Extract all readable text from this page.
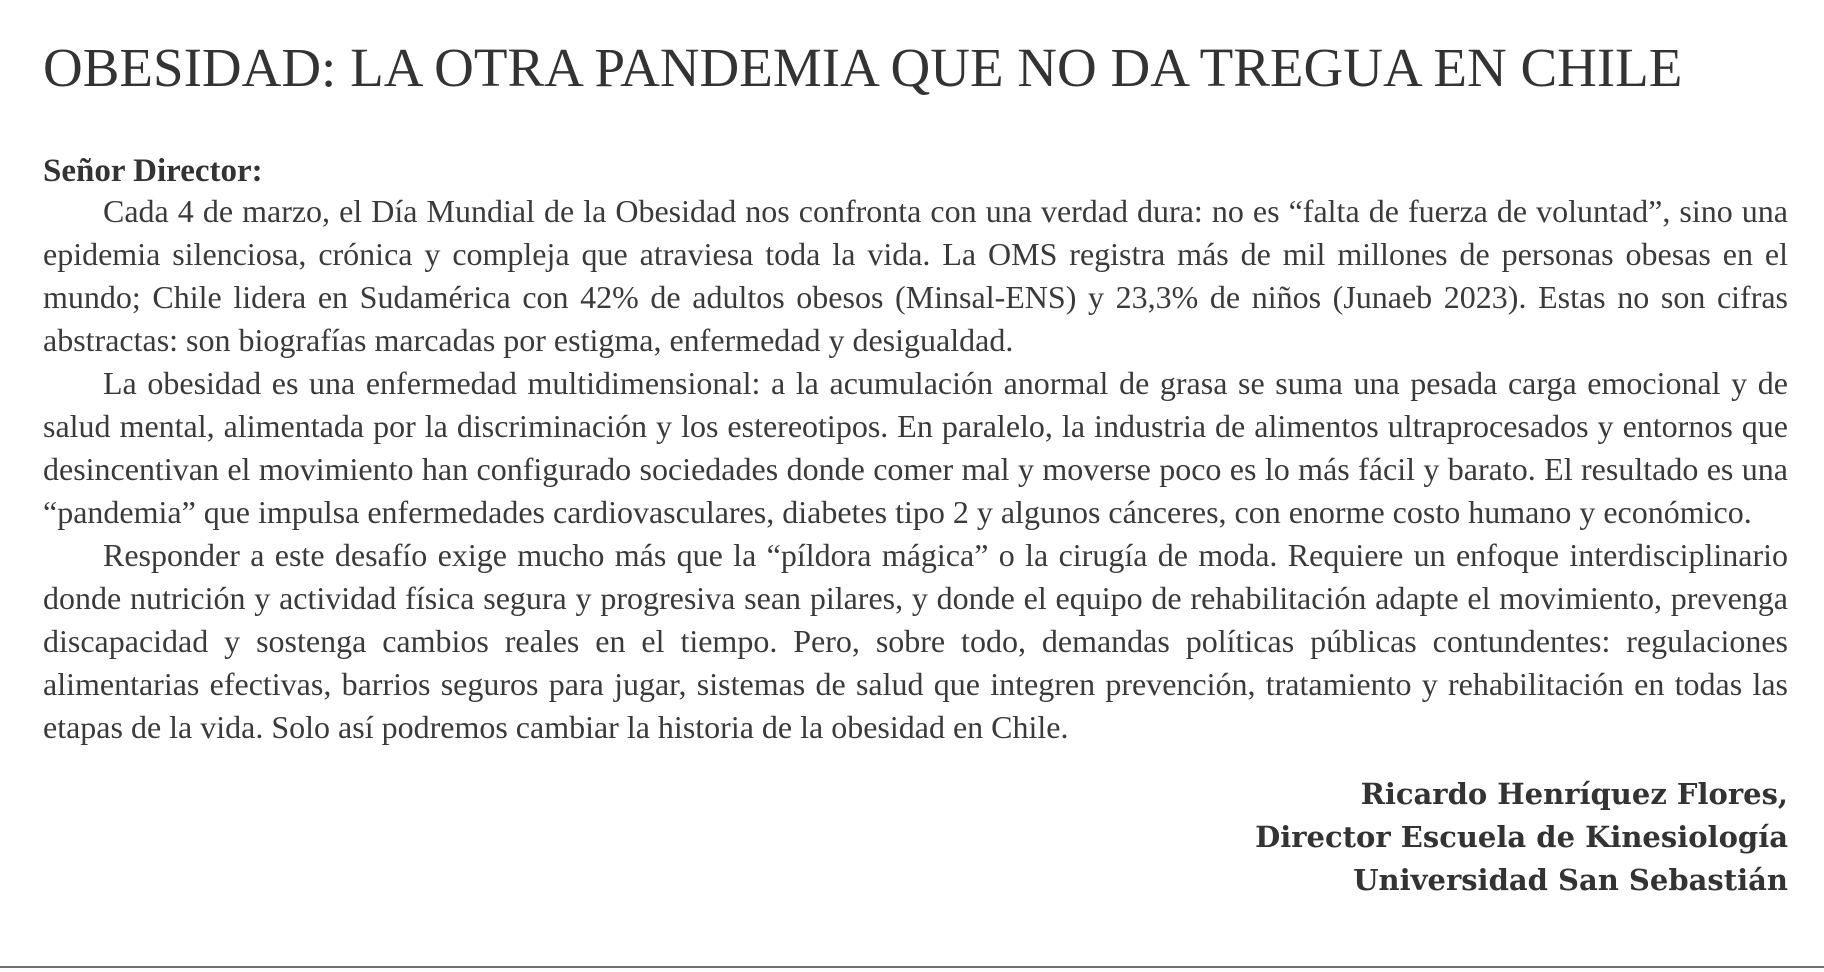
OBESIDAD: LA OTRA PANDEMIA QUE NO DA TREGUA EN CHILE
Señor Director:

Cada 4 de marzo, el Día Mundial de la Obesidad nos confronta con una verdad dura: no es “falta de fuerza de voluntad”, sino una epidemia silenciosa, crónica y compleja que atraviesa toda la vida. La OMS registra más de mil millones de personas obesas en el mundo; Chile lidera en Sudamérica con 42% de adultos obesos (Minsal-ENS) y 23,3% de niños (Junaeb 2023). Estas no son cifras abstractas: son biografías marcadas por estigma, enfermedad y desigualdad.

La obesidad es una enfermedad multidimensional: a la acumulación anormal de grasa se suma una pesada carga emocional y de salud mental, alimentada por la discriminación y los estereotipos. En paralelo, la industria de alimentos ultraprocesados y entornos que desincentivan el movimiento han configurado sociedades donde comer mal y moverse poco es lo más fácil y barato. El resultado es una “pandemia” que impulsa enfermedades cardiovasculares, diabetes tipo 2 y algunos cánceres, con enorme costo humano y económico.

Responder a este desafío exige mucho más que la “píldora mágica” o la cirugía de moda. Requiere un enfoque interdisciplinario donde nutrición y actividad física segura y progresiva sean pilares, y donde el equipo de rehabilitación adapte el movimiento, prevenga discapacidad y sostenga cambios reales en el tiempo. Pero, sobre todo, demandas políticas públicas contundentes: regulaciones alimentarias efectivas, barrios seguros para jugar, sistemas de salud que integren prevención, tratamiento y rehabilitación en todas las etapas de la vida. Solo así podremos cambiar la historia de la obesidad en Chile.

Ricardo Henríquez Flores,
Director Escuela de Kinesiología
Universidad San Sebastián
